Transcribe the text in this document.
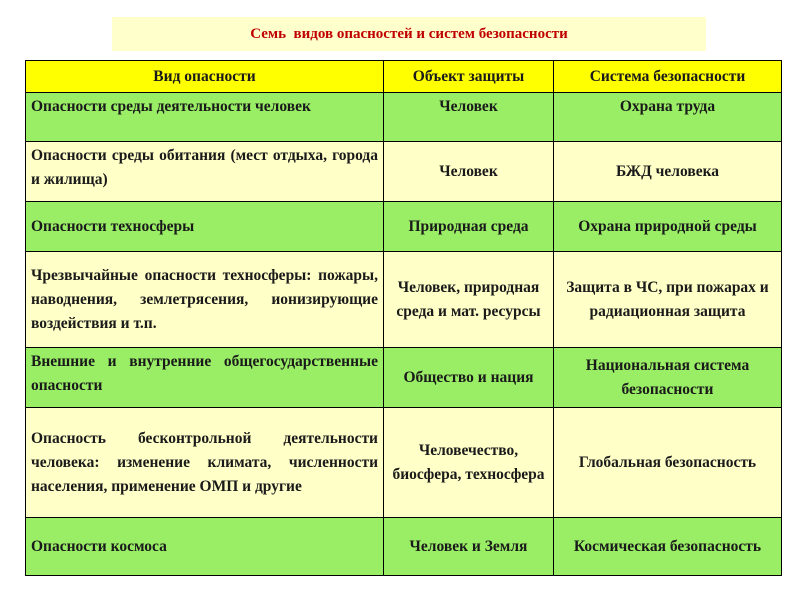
Семь  видов опасностей и систем безопасности
Вид опасности	Объект защиты	Система безопасности
Опасности среды деятельности человек	Человек	Охрана труда
Опасности среды обитания (мест отдыха, города и жилища)	Человек	БЖД человека
Опасности техносферы	Природная среда	Охрана природной среды
Чрезвычайные опасности техносферы: пожары, наводнения, землетрясения, ионизирующие воздействия и т.п.	Человек, природная среда и мат. ресурсы	Защита в ЧС, при пожарах и радиационная защита
Внешние и внутренние общегосударственные опасности	Общество и нация	Национальная система безопасности
Опасность бесконтрольной деятельности человека: изменение климата, численности населения, применение ОМП и другие	Человечество, биосфера, техносфера	Глобальная безопасность
Опасности космоса	Человек и Земля	Космическая безопасность
